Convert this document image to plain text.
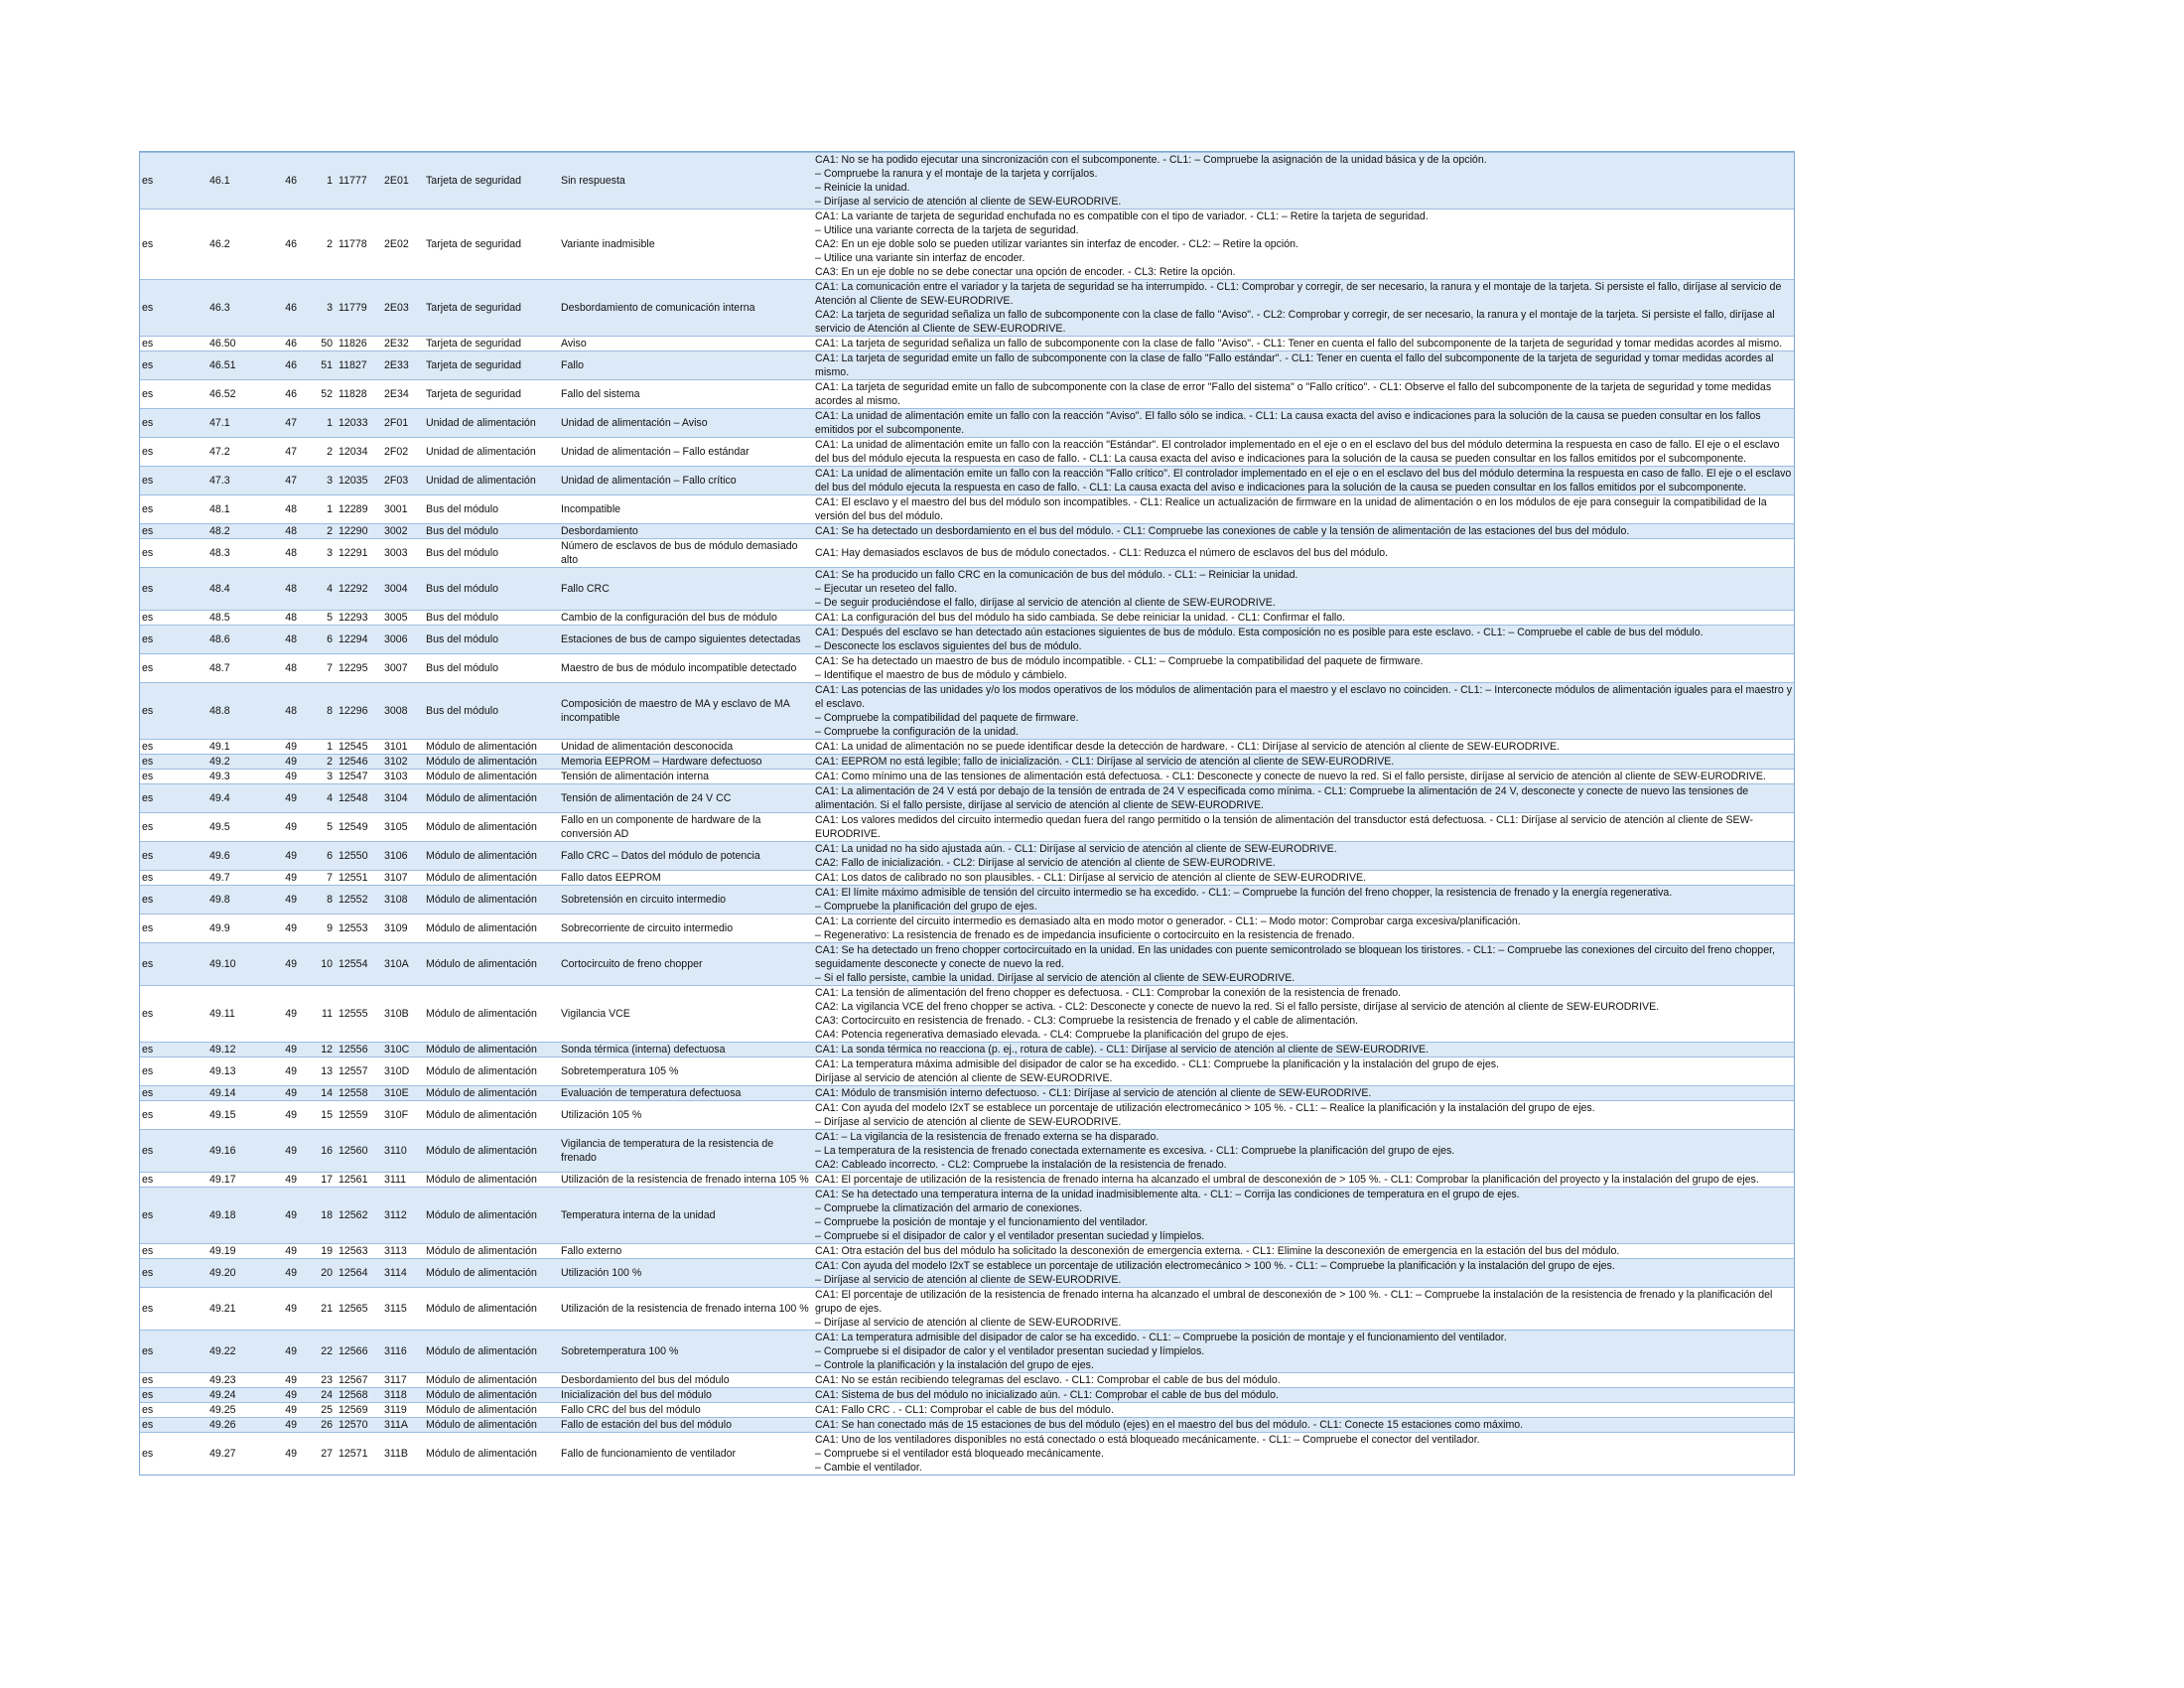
es	46.1	46	1	11777	2E01	Tarjeta de seguridad	Sin respuesta	CA1: No se ha podido ejecutar una sincronización con el subcomponente. - CL1: – Compruebe la asignación de la unidad básica y de la opción.
– Compruebe la ranura y el montaje de la tarjeta y corríjalos.
– Reinicie la unidad.
– Diríjase al servicio de atención al cliente de SEW-EURODRIVE.
es	46.2	46	2	11778	2E02	Tarjeta de seguridad	Variante inadmisible	CA1: La variante de tarjeta de seguridad enchufada no es compatible con el tipo de variador. - CL1: – Retire la tarjeta de seguridad.
– Utilice una variante correcta de la tarjeta de seguridad.
CA2: En un eje doble solo se pueden utilizar variantes sin interfaz de encoder. - CL2: – Retire la opción.
– Utilice una variante sin interfaz de encoder.
CA3: En un eje doble no se debe conectar una opción de encoder. - CL3: Retire la opción.
es	46.3	46	3	11779	2E03	Tarjeta de seguridad	Desbordamiento de comunicación interna	CA1: La comunicación entre el variador y la tarjeta de seguridad se ha interrumpido. - CL1: Comprobar y corregir, de ser necesario, la ranura y el montaje de la tarjeta. Si persiste el fallo, diríjase al servicio de Atención al Cliente de SEW-EURODRIVE.
CA2: La tarjeta de seguridad señaliza un fallo de subcomponente con la clase de fallo "Aviso". - CL2: Comprobar y corregir, de ser necesario, la ranura y el montaje de la tarjeta. Si persiste el fallo, diríjase al servicio de Atención al Cliente de SEW-EURODRIVE.
es	46.50	46	50	11826	2E32	Tarjeta de seguridad	Aviso	CA1: La tarjeta de seguridad señaliza un fallo de subcomponente con la clase de fallo "Aviso". - CL1: Tener en cuenta el fallo del subcomponente de la tarjeta de seguridad y tomar medidas acordes al mismo.
es	46.51	46	51	11827	2E33	Tarjeta de seguridad	Fallo	CA1: La tarjeta de seguridad emite un fallo de subcomponente con la clase de fallo "Fallo estándar". - CL1: Tener en cuenta el fallo del subcomponente de la tarjeta de seguridad y tomar medidas acordes al mismo.
es	46.52	46	52	11828	2E34	Tarjeta de seguridad	Fallo del sistema	CA1: La tarjeta de seguridad emite un fallo de subcomponente con la clase de error "Fallo del sistema" o "Fallo crítico". - CL1: Observe el fallo del subcomponente de la tarjeta de seguridad y tome medidas acordes al mismo.
es	47.1	47	1	12033	2F01	Unidad de alimentación	Unidad de alimentación – Aviso	CA1: La unidad de alimentación emite un fallo con la reacción "Aviso". El fallo sólo se indica. - CL1: La causa exacta del aviso e indicaciones para la solución de la causa se pueden consultar en los fallos emitidos por el subcomponente.
es	47.2	47	2	12034	2F02	Unidad de alimentación	Unidad de alimentación – Fallo estándar	CA1: La unidad de alimentación emite un fallo con la reacción "Estándar". El controlador implementado en el eje o en el esclavo del bus del módulo determina la respuesta en caso de fallo. El eje o el esclavo del bus del módulo ejecuta la respuesta en caso de fallo. - CL1: La causa exacta del aviso e indicaciones para la solución de la causa se pueden consultar en los fallos emitidos por el subcomponente.
es	47.3	47	3	12035	2F03	Unidad de alimentación	Unidad de alimentación – Fallo crítico	CA1: La unidad de alimentación emite un fallo con la reacción "Fallo crítico". El controlador implementado en el eje o en el esclavo del bus del módulo determina la respuesta en caso de fallo. El eje o el esclavo del bus del módulo ejecuta la respuesta en caso de fallo. - CL1: La causa exacta del aviso e indicaciones para la solución de la causa se pueden consultar en los fallos emitidos por el subcomponente.
es	48.1	48	1	12289	3001	Bus del módulo	Incompatible	CA1: El esclavo y el maestro del bus del módulo son incompatibles. - CL1: Realice un actualización de firmware en la unidad de alimentación o en los módulos de eje para conseguir la compatibilidad de la versión del bus del módulo.
es	48.2	48	2	12290	3002	Bus del módulo	Desbordamiento	CA1: Se ha detectado un desbordamiento en el bus del módulo. - CL1: Compruebe las conexiones de cable y la tensión de alimentación de las estaciones del bus del módulo.
es	48.3	48	3	12291	3003	Bus del módulo	Número de esclavos de bus de módulo demasiado alto	CA1: Hay demasiados esclavos de bus de módulo conectados. - CL1: Reduzca el número de esclavos del bus del módulo.
es	48.4	48	4	12292	3004	Bus del módulo	Fallo CRC	CA1: Se ha producido un fallo CRC en la comunicación de bus del módulo. - CL1: – Reiniciar la unidad.
– Ejecutar un reseteo del fallo.
– De seguir produciéndose el fallo, diríjase al servicio de atención al cliente de SEW-EURODRIVE.
es	48.5	48	5	12293	3005	Bus del módulo	Cambio de la configuración del bus de módulo	CA1: La configuración del bus del módulo ha sido cambiada. Se debe reiniciar la unidad. - CL1: Confirmar el fallo.
es	48.6	48	6	12294	3006	Bus del módulo	Estaciones de bus de campo siguientes detectadas	CA1: Después del esclavo se han detectado aún estaciones siguientes de bus de módulo. Esta composición no es posible para este esclavo. - CL1: – Compruebe el cable de bus del módulo.
– Desconecte los esclavos siguientes del bus de módulo.
es	48.7	48	7	12295	3007	Bus del módulo	Maestro de bus de módulo incompatible detectado	CA1: Se ha detectado un maestro de bus de módulo incompatible. - CL1: – Compruebe la compatibilidad del paquete de firmware.
– Identifique el maestro de bus de módulo y cámbielo.
es	48.8	48	8	12296	3008	Bus del módulo	Composición de maestro de MA y esclavo de MA incompatible	CA1: Las potencias de las unidades y/o los modos operativos de los módulos de alimentación para el maestro y el esclavo no coinciden. - CL1: – Interconecte módulos de alimentación iguales para el maestro y el esclavo.
– Compruebe la compatibilidad del paquete de firmware.
– Compruebe la configuración de la unidad.
es	49.1	49	1	12545	3101	Módulo de alimentación	Unidad de alimentación desconocida	CA1: La unidad de alimentación no se puede identificar desde la detección de hardware. - CL1: Diríjase al servicio de atención al cliente de SEW-EURODRIVE.
es	49.2	49	2	12546	3102	Módulo de alimentación	Memoria EEPROM – Hardware defectuoso	CA1: EEPROM no está legible; fallo de inicialización. - CL1: Diríjase al servicio de atención al cliente de SEW-EURODRIVE.
es	49.3	49	3	12547	3103	Módulo de alimentación	Tensión de alimentación interna	CA1: Como mínimo una de las tensiones de alimentación está defectuosa. - CL1: Desconecte y conecte de nuevo la red. Si el fallo persiste, diríjase al servicio de atención al cliente de SEW-EURODRIVE.
es	49.4	49	4	12548	3104	Módulo de alimentación	Tensión de alimentación de 24 V CC	CA1: La alimentación de 24 V está por debajo de la tensión de entrada de 24 V especificada como mínima. - CL1: Compruebe la alimentación de 24 V, desconecte y conecte de nuevo las tensiones de alimentación. Si el fallo persiste, diríjase al servicio de atención al cliente de SEW-EURODRIVE.
es	49.5	49	5	12549	3105	Módulo de alimentación	Fallo en un componente de hardware de la conversión AD	CA1: Los valores medidos del circuito intermedio quedan fuera del rango permitido o la tensión de alimentación del transductor está defectuosa. - CL1: Diríjase al servicio de atención al cliente de SEW-EURODRIVE.
es	49.6	49	6	12550	3106	Módulo de alimentación	Fallo CRC – Datos del módulo de potencia	CA1: La unidad no ha sido ajustada aún. - CL1: Diríjase al servicio de atención al cliente de SEW-EURODRIVE.
CA2: Fallo de inicialización. - CL2: Diríjase al servicio de atención al cliente de SEW-EURODRIVE.
es	49.7	49	7	12551	3107	Módulo de alimentación	Fallo datos EEPROM	CA1: Los datos de calibrado no son plausibles. - CL1: Diríjase al servicio de atención al cliente de SEW-EURODRIVE.
es	49.8	49	8	12552	3108	Módulo de alimentación	Sobretensión en circuito intermedio	CA1: El límite máximo admisible de tensión del circuito intermedio se ha excedido. - CL1: – Compruebe la función del freno chopper, la resistencia de frenado y la energía regenerativa.
– Compruebe la planificación del grupo de ejes.
es	49.9	49	9	12553	3109	Módulo de alimentación	Sobrecorriente de circuito intermedio	CA1: La corriente del circuito intermedio es demasiado alta en modo motor o generador. - CL1: – Modo motor: Comprobar carga excesiva/planificación.
– Regenerativo: La resistencia de frenado es de impedancia insuficiente o cortocircuito en la resistencia de frenado.
es	49.10	49	10	12554	310A	Módulo de alimentación	Cortocircuito de freno chopper	CA1: Se ha detectado un freno chopper cortocircuitado en la unidad. En las unidades con puente semicontrolado se bloquean los tiristores. - CL1: – Compruebe las conexiones del circuito del freno chopper, seguidamente desconecte y conecte de nuevo la red.
– Si el fallo persiste, cambie la unidad. Diríjase al servicio de atención al cliente de SEW-EURODRIVE.
es	49.11	49	11	12555	310B	Módulo de alimentación	Vigilancia VCE	CA1: La tensión de alimentación del freno chopper es defectuosa. - CL1: Comprobar la conexión de la resistencia de frenado.
CA2: La vigilancia VCE del freno chopper se activa. - CL2: Desconecte y conecte de nuevo la red. Si el fallo persiste, diríjase al servicio de atención al cliente de SEW-EURODRIVE.
CA3: Cortocircuito en resistencia de frenado. - CL3: Compruebe la resistencia de frenado y el cable de alimentación.
CA4: Potencia regenerativa demasiado elevada. - CL4: Compruebe la planificación del grupo de ejes.
es	49.12	49	12	12556	310C	Módulo de alimentación	Sonda térmica (interna) defectuosa	CA1: La sonda térmica no reacciona (p. ej., rotura de cable). - CL1: Diríjase al servicio de atención al cliente de SEW-EURODRIVE.
es	49.13	49	13	12557	310D	Módulo de alimentación	Sobretemperatura 105 %	CA1: La temperatura máxima admisible del disipador de calor se ha excedido. - CL1: Compruebe la planificación y la instalación del grupo de ejes.
Diríjase al servicio de atención al cliente de SEW-EURODRIVE.
es	49.14	49	14	12558	310E	Módulo de alimentación	Evaluación de temperatura defectuosa	CA1: Módulo de transmisión interno defectuoso. - CL1: Diríjase al servicio de atención al cliente de SEW-EURODRIVE.
es	49.15	49	15	12559	310F	Módulo de alimentación	Utilización 105 %	CA1: Con ayuda del modelo I2xT se establece un porcentaje de utilización electromecánico > 105 %. - CL1: – Realice la planificación y la instalación del grupo de ejes.
– Diríjase al servicio de atención al cliente de SEW-EURODRIVE.
es	49.16	49	16	12560	3110	Módulo de alimentación	Vigilancia de temperatura de la resistencia de frenado	CA1: – La vigilancia de la resistencia de frenado externa se ha disparado.
– La temperatura de la resistencia de frenado conectada externamente es excesiva. - CL1: Compruebe la planificación del grupo de ejes.
CA2: Cableado incorrecto. - CL2: Compruebe la instalación de la resistencia de frenado.
es	49.17	49	17	12561	3111	Módulo de alimentación	Utilización de la resistencia de frenado interna 105 %	CA1: El porcentaje de utilización de la resistencia de frenado interna ha alcanzado el umbral de desconexión de > 105 %. - CL1: Comprobar la planificación del proyecto y la instalación del grupo de ejes.
es	49.18	49	18	12562	3112	Módulo de alimentación	Temperatura interna de la unidad	CA1: Se ha detectado una temperatura interna de la unidad inadmisiblemente alta. - CL1: – Corrija las condiciones de temperatura en el grupo de ejes.
– Compruebe la climatización del armario de conexiones.
– Compruebe la posición de montaje y el funcionamiento del ventilador.
– Compruebe si el disipador de calor y el ventilador presentan suciedad y límpielos.
es	49.19	49	19	12563	3113	Módulo de alimentación	Fallo externo	CA1: Otra estación del bus del módulo ha solicitado la desconexión de emergencia externa. - CL1: Elimine la desconexión de emergencia en la estación del bus del módulo.
es	49.20	49	20	12564	3114	Módulo de alimentación	Utilización 100 %	CA1: Con ayuda del modelo I2xT se establece un porcentaje de utilización electromecánico > 100 %. - CL1: – Compruebe la planificación y la instalación del grupo de ejes.
– Diríjase al servicio de atención al cliente de SEW-EURODRIVE.
es	49.21	49	21	12565	3115	Módulo de alimentación	Utilización de la resistencia de frenado interna 100 %	CA1: El porcentaje de utilización de la resistencia de frenado interna ha alcanzado el umbral de desconexión de > 100 %. - CL1: – Compruebe la instalación de la resistencia de frenado y la planificación del grupo de ejes.
– Diríjase al servicio de atención al cliente de SEW-EURODRIVE.
es	49.22	49	22	12566	3116	Módulo de alimentación	Sobretemperatura 100 %	CA1: La temperatura admisible del disipador de calor se ha excedido. - CL1: – Compruebe la posición de montaje y el funcionamiento del ventilador.
– Compruebe si el disipador de calor y el ventilador presentan suciedad y límpielos.
– Controle la planificación y la instalación del grupo de ejes.
es	49.23	49	23	12567	3117	Módulo de alimentación	Desbordamiento del bus del módulo	CA1: No se están recibiendo telegramas del esclavo. - CL1: Comprobar el cable de bus del módulo.
es	49.24	49	24	12568	3118	Módulo de alimentación	Inicialización del bus del módulo	CA1: Sistema de bus del módulo no inicializado aún. - CL1: Comprobar el cable de bus del módulo.
es	49.25	49	25	12569	3119	Módulo de alimentación	Fallo CRC del bus del módulo	CA1: Fallo CRC . - CL1: Comprobar el cable de bus del módulo.
es	49.26	49	26	12570	311A	Módulo de alimentación	Fallo de estación del bus del módulo	CA1: Se han conectado más de 15 estaciones de bus del módulo (ejes) en el maestro del bus del módulo. - CL1: Conecte 15 estaciones como máximo.
es	49.27	49	27	12571	311B	Módulo de alimentación	Fallo de funcionamiento de ventilador	CA1: Uno de los ventiladores disponibles no está conectado o está bloqueado mecánicamente. - CL1: – Compruebe el conector del ventilador.
– Compruebe si el ventilador está bloqueado mecánicamente.
– Cambie el ventilador.
